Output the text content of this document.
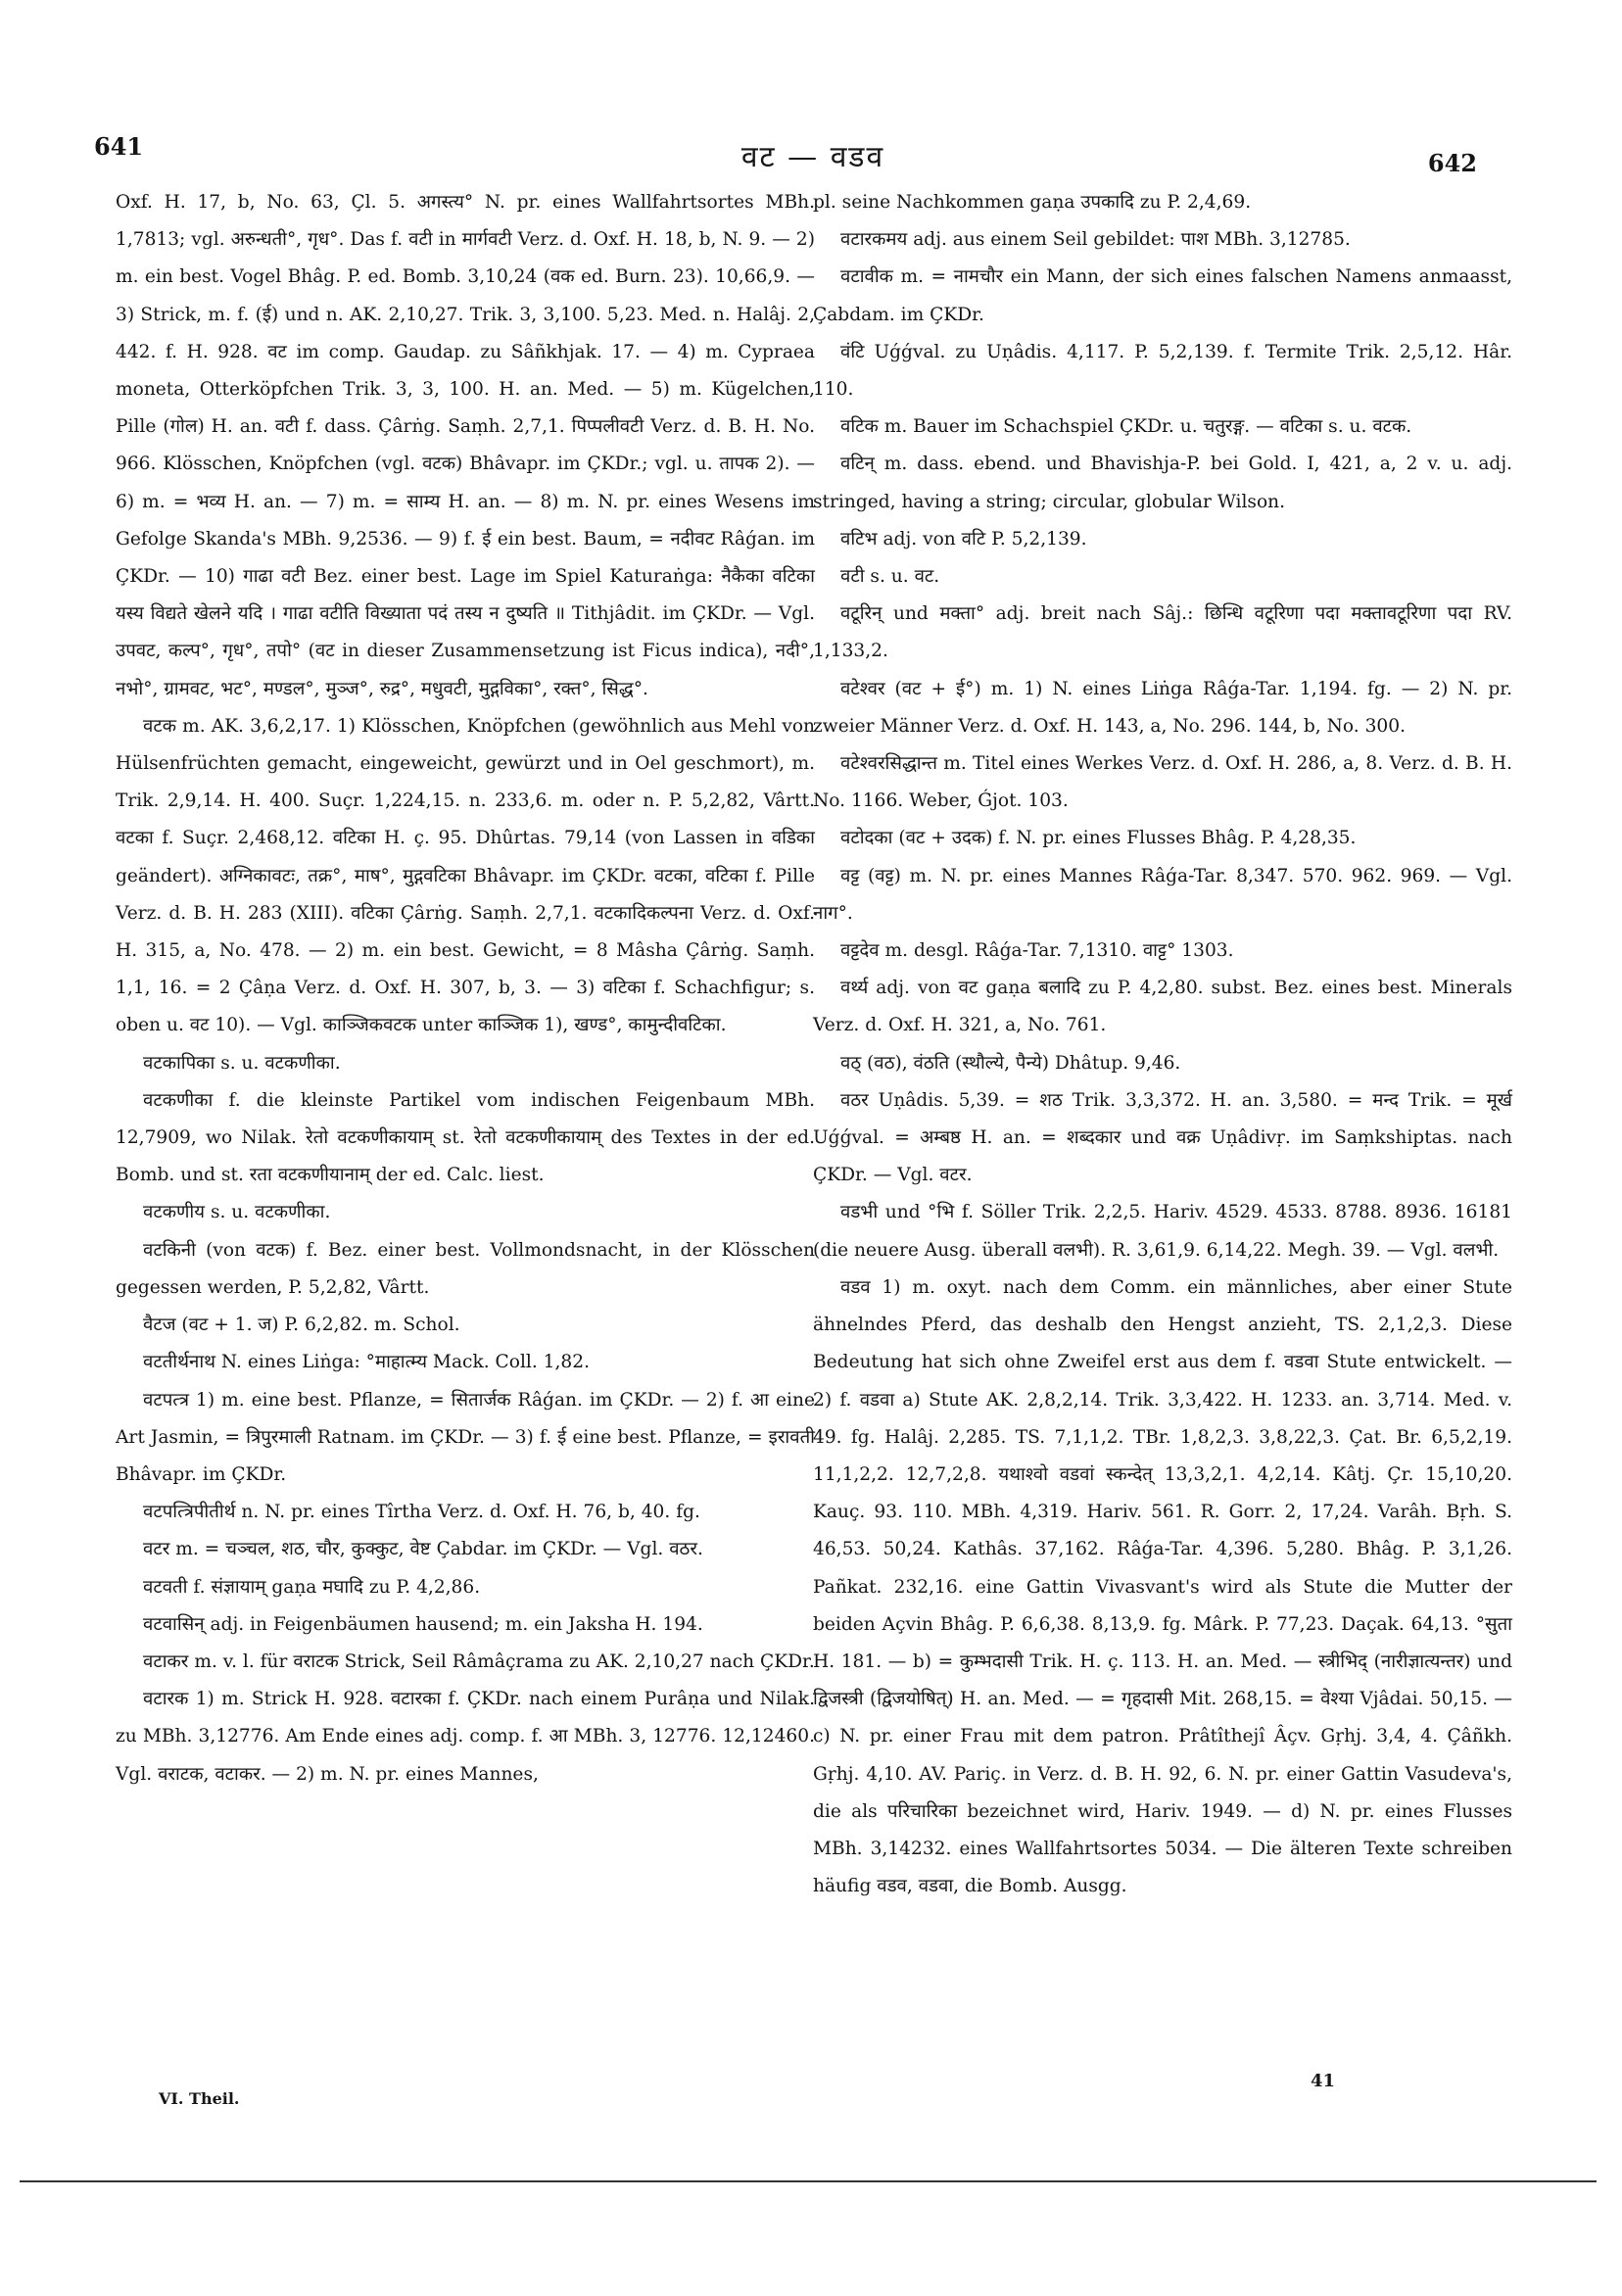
641	वट — वडव	642

Oxf. H. 17, b, No. 63, Çl. 5. अगस्त्य° N. pr. eines Wallfahrtsortes MBh. 1,7813; vgl. अरुन्धती°, गृध°. Das f. वटी in मार्गवटी Verz. d. Oxf. H. 18, b, N. 9. — 2) m. ein best. Vogel Bhâg. P. ed. Bomb. 3,10,24 (वक ed. Burn. 23). 10,66,9. — 3) Strick, m. f. (ई) und n. AK. 2,10,27. Trik. 3, 3,100. 5,23. Med. n. Halâj. 2, 442. f. H. 928. वट im comp. Gaudap. zu Sâñkhjak. 17. — 4) m. Cypraea moneta, Otterköpfchen Trik. 3, 3, 100. H. an. Med. — 5) m. Kügelchen, Pille (गोल) H. an. वटी f. dass. Çârṅg. Saṃh. 2,7,1. पिप्पलीवटी Verz. d. B. H. No. 966. Klösschen, Knöpfchen (vgl. वटक) Bhâvapr. im ÇKDr.; vgl. u. तापक 2). — 6) m. = भव्य H. an. — 7) m. = साम्य H. an. — 8) m. N. pr. eines Wesens im Gefolge Skanda's MBh. 9,2536. — 9) f. ई ein best. Baum, = नदीवट Râǵan. im ÇKDr. — 10) गाढा वटी Bez. einer best. Lage im Spiel Katuraṅga: नैकैका वटिका यस्य विद्यते खेलने यदि । गाढा वटीति विख्याता पदं तस्य न दुष्यति ॥ Tithjâdit. im ÇKDr. — Vgl. उपवट, कल्प°, गृध°, तपो° (वट in dieser Zusammensetzung ist Ficus indica), नदी°, नभो°, ग्रामवट, भट°, मण्डल°, मुञ्ज°, रुद्र°, मधुवटी, मुद्गविका°, रक्त°, सिद्ध°.

वटक m. AK. 3,6,2,17. 1) Klösschen, Knöpfchen (gewöhnlich aus Mehl von Hülsenfrüchten gemacht, eingeweicht, gewürzt und in Oel geschmort), m. Trik. 2,9,14. H. 400. Suçr. 1,224,15. n. 233,6. m. oder n. P. 5,2,82, Vârtt. वटका f. Suçr. 2,468,12. वटिका H. ç. 95. Dhûrtas. 79,14 (von Lassen in वडिका geändert). अग्निकावटः, तक्र°, माष°, मुद्गवटिका Bhâvapr. im ÇKDr. वटका, वटिका f. Pille Verz. d. B. H. 283 (XIII). वटिका Çârṅg. Saṃh. 2,7,1. वटकादिकल्पना Verz. d. Oxf. H. 315, a, No. 478. — 2) m. ein best. Gewicht, = 8 Mâsha Çârṅg. Saṃh. 1,1, 16. = 2 Çâṇa Verz. d. Oxf. H. 307, b, 3. — 3) वटिका f. Schachfigur; s. oben u. वट 10). — Vgl. काञ्जिकवटक unter काञ्जिक 1), खण्ड°, कामुन्दीवटिका.

वटकापिका s. u. वटकणीका.

वटकणीका f. die kleinste Partikel vom indischen Feigenbaum MBh. 12,7909, wo Nilak. रेतो वटकणीकायाम् st. रेतो वटकणीकायाम् des Textes in der ed. Bomb. und st. रता वटकणीयानाम् der ed. Calc. liest.

वटकणीय s. u. वटकणीका.

वटकिनी (von वटक) f. Bez. einer best. Vollmondsnacht, in der Klösschen gegessen werden, P. 5,2,82, Vârtt.

वैटज (वट + 1. ज) P. 6,2,82. m. Schol.

वटतीर्थनाथ N. eines Liṅga: °माहात्म्य Mack. Coll. 1,82.

वटपत्त्र 1) m. eine best. Pflanze, = सितार्जक Râǵan. im ÇKDr. — 2) f. आ eine Art Jasmin, = त्रिपुरमाली Ratnam. im ÇKDr. — 3) f. ई eine best. Pflanze, = इरावती Bhâvapr. im ÇKDr.

वटपत्त्रिपीतीर्थ n. N. pr. eines Tîrtha Verz. d. Oxf. H. 76, b, 40. fg.

वटर m. = चञ्चल, शठ, चौर, कुक्कुट, वेष्ट Çabdar. im ÇKDr. — Vgl. वठर.

वटवती f. संज्ञायाम् gaṇa मघादि zu P. 4,2,86.

वटवासिन् adj. in Feigenbäumen hausend; m. ein Jaksha H. 194.

वटाकर m. v. l. für वराटक Strick, Seil Râmâçrama zu AK. 2,10,27 nach ÇKDr.

वटारक 1) m. Strick H. 928. वटारका f. ÇKDr. nach einem Purâṇa und Nilak. zu MBh. 3,12776. Am Ende eines adj. comp. f. आ MBh. 3, 12776. 12,12460. Vgl. वराटक, वटाकर. — 2) m. N. pr. eines Mannes,

pl. seine Nachkommen gaṇa उपकादि zu P. 2,4,69.

वटारकमय adj. aus einem Seil gebildet: पाश MBh. 3,12785.

वटावीक m. = नामचौर ein Mann, der sich eines falschen Namens anmaasst, Çabdam. im ÇKDr.

वंटि Uǵǵval. zu Uṇâdis. 4,117. P. 5,2,139. f. Termite Trik. 2,5,12. Hâr. 110.

वटिक m. Bauer im Schachspiel ÇKDr. u. चतुरङ्ग. — वटिका s. u. वटक.

वटिन् m. dass. ebend. und Bhavishja-P. bei Gold. I, 421, a, 2 v. u. adj. stringed, having a string; circular, globular Wilson.

वटिभ adj. von वटि P. 5,2,139.

वटी s. u. वट.

वटूरिन् und मक्ता° adj. breit nach Sâj.: छिन्धि वटूरिणा पदा मक्तावटूरिणा पदा RV. 1,133,2.

वटेश्वर (वट + ई°) m. 1) N. eines Liṅga Râǵa-Tar. 1,194. fg. — 2) N. pr. zweier Männer Verz. d. Oxf. H. 143, a, No. 296. 144, b, No. 300.

वटेश्वरसिद्धान्त m. Titel eines Werkes Verz. d. Oxf. H. 286, a, 8. Verz. d. B. H. No. 1166. Weber, Ǵjot. 103.

वटोदका (वट + उदक) f. N. pr. eines Flusses Bhâg. P. 4,28,35.

वट्ट (वट्ट) m. N. pr. eines Mannes Râǵa-Tar. 8,347. 570. 962. 969. — Vgl. नाग°.

वट्टदेव m. desgl. Râǵa-Tar. 7,1310. वाट्ट° 1303.

वर्थ्य adj. von वट gaṇa बलादि zu P. 4,2,80. subst. Bez. eines best. Minerals Verz. d. Oxf. H. 321, a, No. 761.

वठ् (वठ), वंठति (स्थौल्ये, पैन्ये) Dhâtup. 9,46.

वठर Uṇâdis. 5,39. = शठ Trik. 3,3,372. H. an. 3,580. = मन्द Trik. = मूर्ख Uǵǵval. = अम्बष्ठ H. an. = शब्दकार und वक्र Uṇâdivṛ. im Saṃkshiptas. nach ÇKDr. — Vgl. वटर.

वडभी und °भि f. Söller Trik. 2,2,5. Hariv. 4529. 4533. 8788. 8936. 16181 (die neuere Ausg. überall वलभी). R. 3,61,9. 6,14,22. Megh. 39. — Vgl. वलभी.

वडव 1) m. oxyt. nach dem Comm. ein männliches, aber einer Stute ähnelndes Pferd, das deshalb den Hengst anzieht, TS. 2,1,2,3. Diese Bedeutung hat sich ohne Zweifel erst aus dem f. वडवा Stute entwickelt. — 2) f. वडवा a) Stute AK. 2,8,2,14. Trik. 3,3,422. H. 1233. an. 3,714. Med. v. 49. fg. Halâj. 2,285. TS. 7,1,1,2. TBr. 1,8,2,3. 3,8,22,3. Çat. Br. 6,5,2,19. 11,1,2,2. 12,7,2,8. यथाश्वो वडवां स्कन्देत् 13,3,2,1. 4,2,14. Kâtj. Çr. 15,10,20. Kauç. 93. 110. MBh. 4,319. Hariv. 561. R. Gorr. 2, 17,24. Varâh. Bṛh. S. 46,53. 50,24. Kathâs. 37,162. Râǵa-Tar. 4,396. 5,280. Bhâg. P. 3,1,26. Pañkat. 232,16. eine Gattin Vivasvant's wird als Stute die Mutter der beiden Açvin Bhâg. P. 6,6,38. 8,13,9. fg. Mârk. P. 77,23. Daçak. 64,13. °सुता H. 181. — b) = कुम्भदासी Trik. H. ç. 113. H. an. Med. — स्त्रीभिद् (नारीज्ञात्यन्तर) und द्विजस्त्री (द्विजयोषित्) H. an. Med. — = गृहदासी Mit. 268,15. = वेश्या Vjâdai. 50,15. — c) N. pr. einer Frau mit dem patron. Prâtîthejî Âçv. Gṛhj. 3,4, 4. Çâñkh. Gṛhj. 4,10. AV. Pariç. in Verz. d. B. H. 92, 6. N. pr. einer Gattin Vasudeva's, die als परिचारिका bezeichnet wird, Hariv. 1949. — d) N. pr. eines Flusses MBh. 3,14232. eines Wallfahrtsortes 5034. — Die älteren Texte schreiben häufig वडव, वडवा, die Bomb. Ausgg.

VI. Theil.
41
